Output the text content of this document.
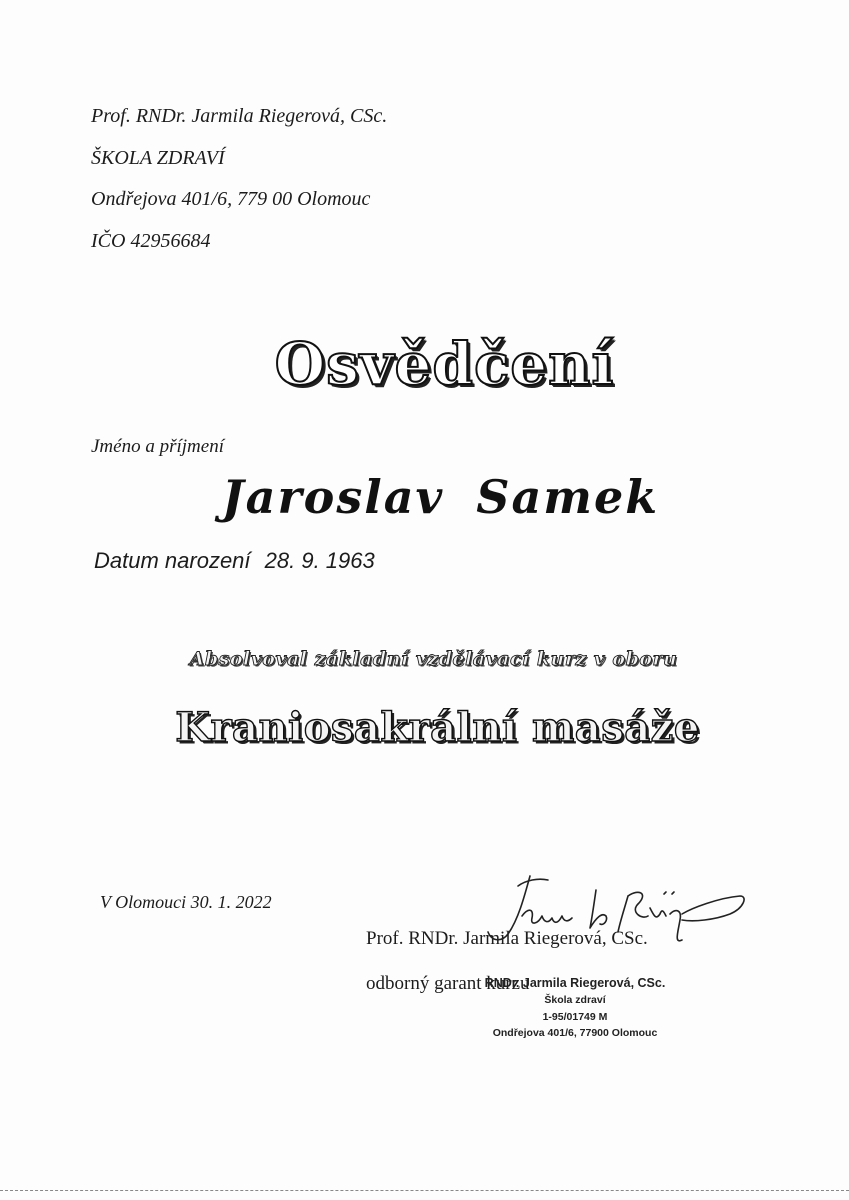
Prof. RNDr. Jarmila Riegerová, CSc.
ŠKOLA ZDRAVÍ
Ondřejova 401/6, 779 00 Olomouc
IČO 42956684
Osvědčení
Jméno a příjmení
Jaroslav Samek
Datum narození 28. 9. 1963
Absolvoval základní vzdělávací kurz v oboru
Kraniosakrální masáže
V Olomouci 30. 1. 2022
Prof. RNDr. Jarmila Riegerová, CSc.
odborný garant kurzu
RNDr. Jarmila Riegerová, CSc.
Škola zdraví
1-95/01749 M
Ondřejova 401/6, 77900 Olomouc
